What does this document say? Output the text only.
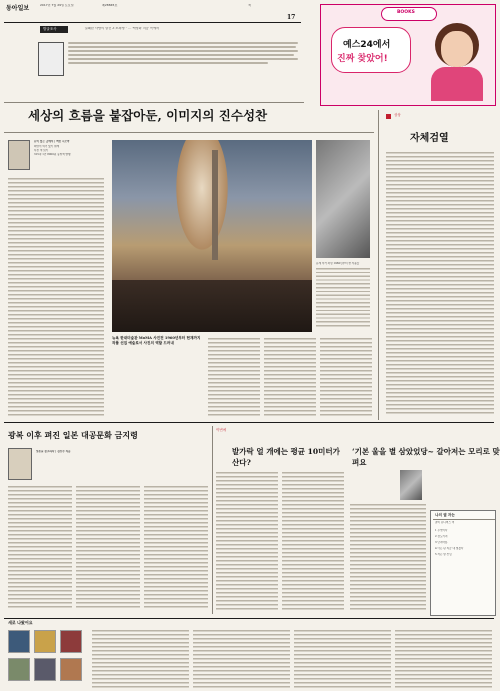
동아일보	2017년 7월 29일 토요일	제28845호	책
17
발굴조사	“ 실패한 사람의 발견 3 조폭생 ” … 백영화 지능 속에서
BOOKS
예스24에서
진짜 찾았어!
세상의 흐름을 붙잡아둔, 이미지의 진수성찬
문이 있는 곳에서 | 백민 시오마
희망이 여기 있기 위해
다른 책 읽기
315쪽 1만 8000원 동양책 발행
문세 작가 퍼낸 1960년부터 한 작품들
뉴욕 한대미술관 MoMA 사진전 1960년부터 현재까지 작품 선집 예술로서 사진의 역할 드러내
상상
자체검열
광복 이후 펴진 일본 대공문화 금지령
일본을 물고하다 | 김신수 지음
이번에
발가락 얼 개에는 평균 10미터가 산다?
‘기본 울을 별 삼았었당~ 갈아저는 모리로 맞펴요
나의 옆 자는
골비 유니버스 책
1 무엇이다
2 삼도리지
3 단지아름
4 너는 판 지금 내 생겼다
5 작은 말 산림
새로 나왔어요
